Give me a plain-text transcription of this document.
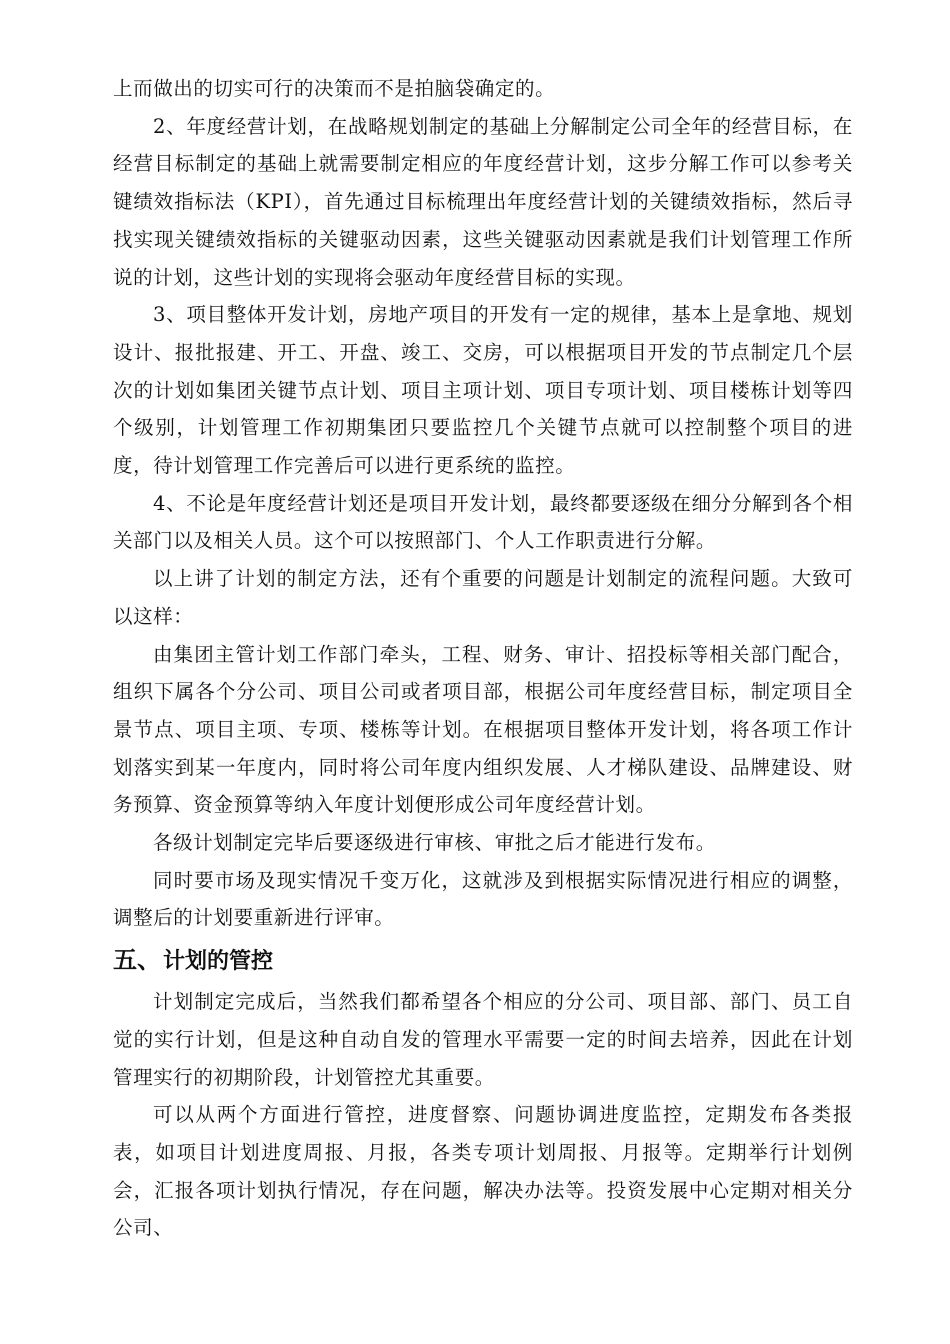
上而做出的切实可行的决策而不是拍脑袋确定的。

2、年度经营计划，在战略规划制定的基础上分解制定公司全年的经营目标，在经营目标制定的基础上就需要制定相应的年度经营计划，这步分解工作可以参考关键绩效指标法（KPI），首先通过目标梳理出年度经营计划的关键绩效指标，然后寻找实现关键绩效指标的关键驱动因素，这些关键驱动因素就是我们计划管理工作所说的计划，这些计划的实现将会驱动年度经营目标的实现。

3、项目整体开发计划，房地产项目的开发有一定的规律，基本上是拿地、规划设计、报批报建、开工、开盘、竣工、交房，可以根据项目开发的节点制定几个层次的计划如集团关键节点计划、项目主项计划、项目专项计划、项目楼栋计划等四个级别，计划管理工作初期集团只要监控几个关键节点就可以控制整个项目的进度，待计划管理工作完善后可以进行更系统的监控。

4、不论是年度经营计划还是项目开发计划，最终都要逐级在细分分解到各个相关部门以及相关人员。这个可以按照部门、个人工作职责进行分解。

以上讲了计划的制定方法，还有个重要的问题是计划制定的流程问题。大致可以这样：

由集团主管计划工作部门牵头，工程、财务、审计、招投标等相关部门配合，组织下属各个分公司、项目公司或者项目部，根据公司年度经营目标，制定项目全景节点、项目主项、专项、楼栋等计划。在根据项目整体开发计划，将各项工作计划落实到某一年度内，同时将公司年度内组织发展、人才梯队建设、品牌建设、财务预算、资金预算等纳入年度计划便形成公司年度经营计划。

各级计划制定完毕后要逐级进行审核、审批之后才能进行发布。

同时要市场及现实情况千变万化，这就涉及到根据实际情况进行相应的调整，调整后的计划要重新进行评审。

五、计划的管控

计划制定完成后，当然我们都希望各个相应的分公司、项目部、部门、员工自觉的实行计划，但是这种自动自发的管理水平需要一定的时间去培养，因此在计划管理实行的初期阶段，计划管控尤其重要。

可以从两个方面进行管控，进度督察、问题协调进度监控，定期发布各类报表，如项目计划进度周报、月报，各类专项计划周报、月报等。定期举行计划例会，汇报各项计划执行情况，存在问题，解决办法等。投资发展中心定期对相关分公司、
